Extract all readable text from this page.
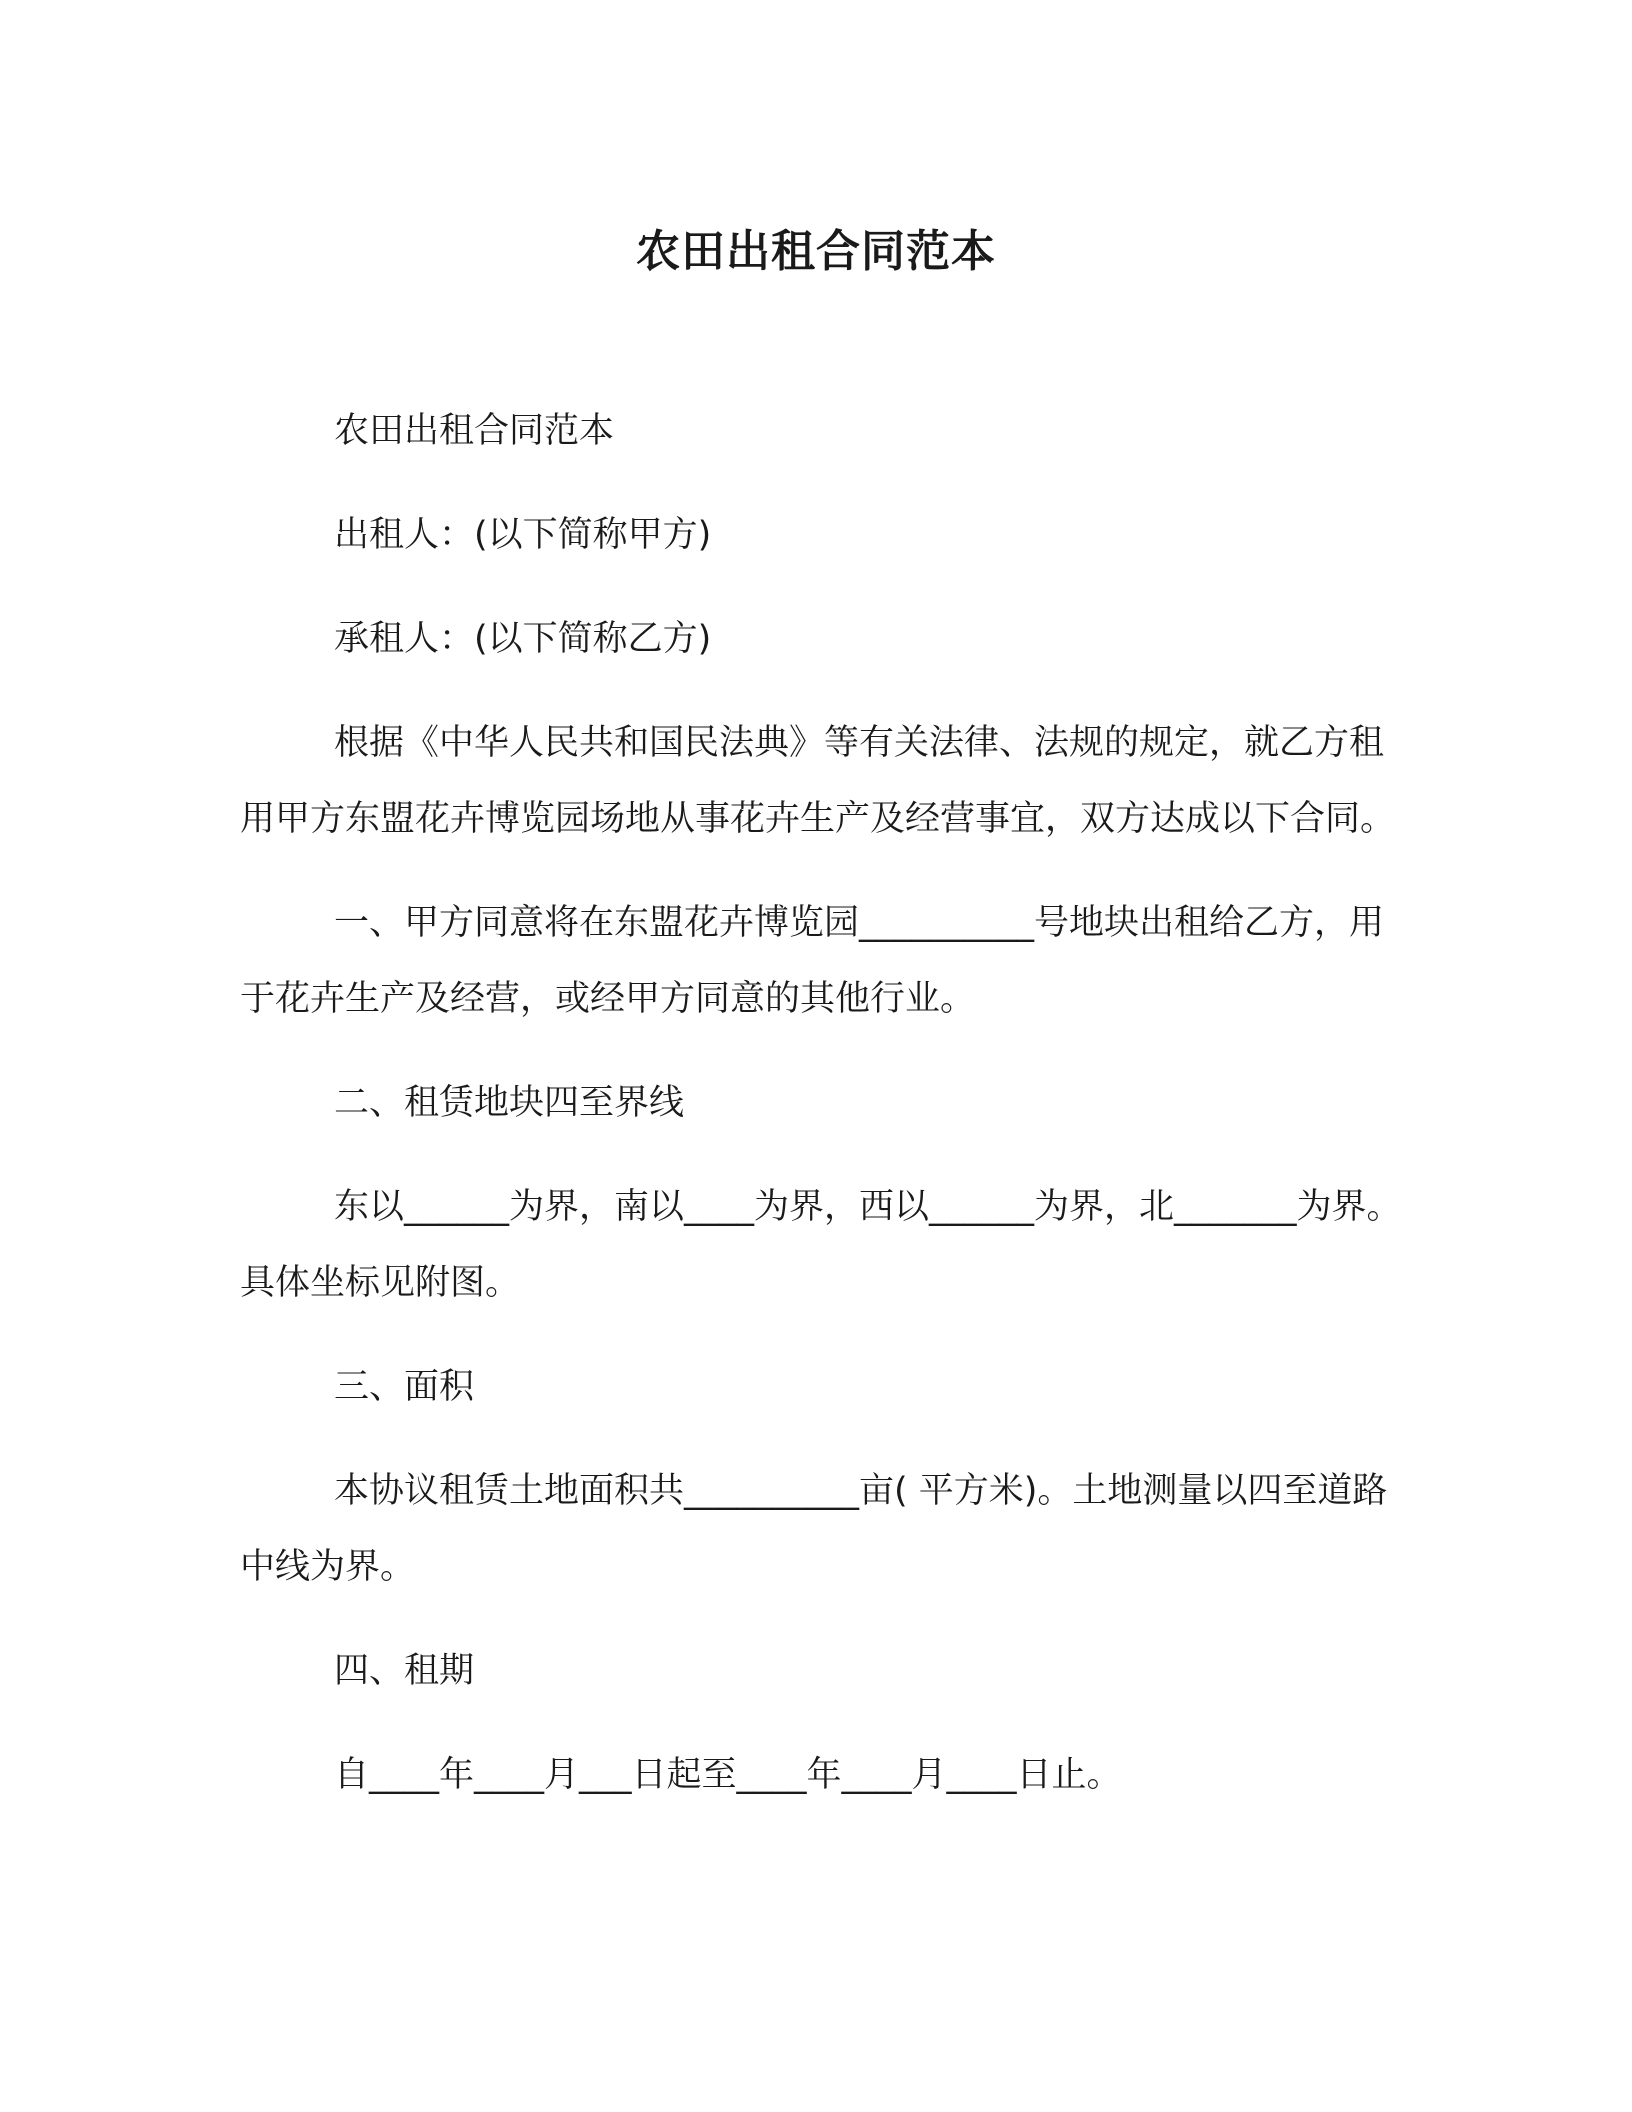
农田出租合同范本

农田出租合同范本

出租人：(以下简称甲方)

承租人：(以下简称乙方)

根据《中华人民共和国民法典》等有关法律、法规的规定，就乙方租用甲方东盟花卉博览园场地从事花卉生产及经营事宜，双方达成以下合同。

一、甲方同意将在东盟花卉博览园__________号地块出租给乙方，用于花卉生产及经营，或经甲方同意的其他行业。

二、租赁地块四至界线

东以______为界，南以____为界，西以______为界，北_______为界。具体坐标见附图。

三、面积

本协议租赁土地面积共__________亩( 平方米)。土地测量以四至道路中线为界。

四、租期

自____年____月___日起至____年____月____日止。
